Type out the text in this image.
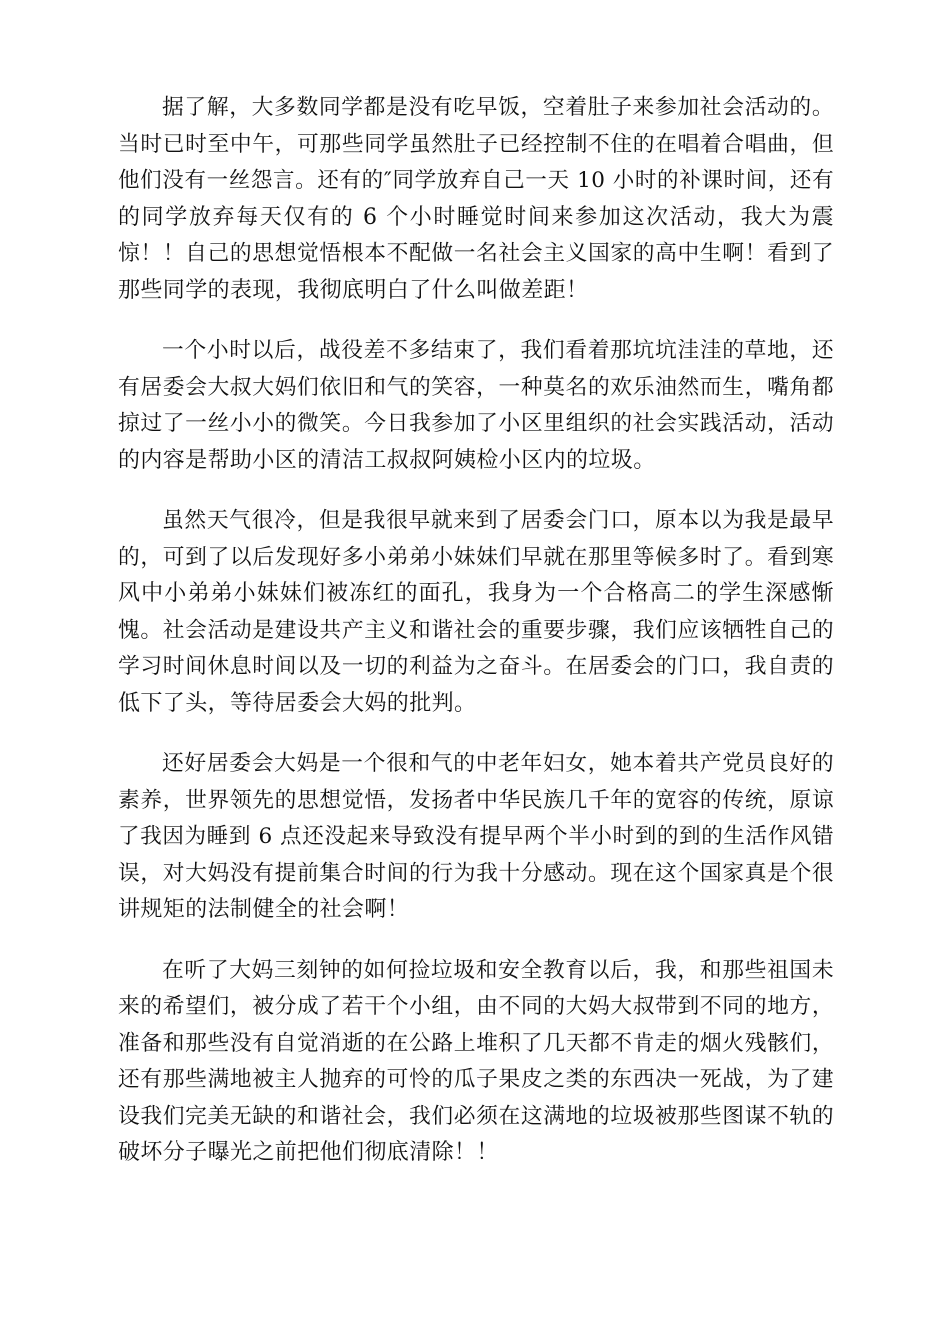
据了解，大多数同学都是没有吃早饭，空着肚子来参加社会活动的。
当时已时至中午，可那些同学虽然肚子已经控制不住的在唱着合唱曲，但
他们没有一丝怨言。还有的″同学放弃自己一天 10 小时的补课时间，还有
的同学放弃每天仅有的 6 个小时睡觉时间来参加这次活动，我大为震
惊！！自己的思想觉悟根本不配做一名社会主义国家的高中生啊！看到了
那些同学的表现，我彻底明白了什么叫做差距！

一个小时以后，战役差不多结束了，我们看着那坑坑洼洼的草地，还
有居委会大叔大妈们依旧和气的笑容，一种莫名的欢乐油然而生，嘴角都
掠过了一丝小小的微笑。今日我参加了小区里组织的社会实践活动，活动
的内容是帮助小区的清洁工叔叔阿姨检小区内的垃圾。

虽然天气很冷，但是我很早就来到了居委会门口，原本以为我是最早
的，可到了以后发现好多小弟弟小妹妹们早就在那里等候多时了。看到寒
风中小弟弟小妹妹们被冻红的面孔，我身为一个合格高二的学生深感惭
愧。社会活动是建设共产主义和谐社会的重要步骤，我们应该牺牲自己的
学习时间休息时间以及一切的利益为之奋斗。在居委会的门口，我自责的
低下了头，等待居委会大妈的批判。

还好居委会大妈是一个很和气的中老年妇女，她本着共产党员良好的
素养，世界领先的思想觉悟，发扬者中华民族几千年的宽容的传统，原谅
了我因为睡到 6 点还没起来导致没有提早两个半小时到的到的生活作风错
误，对大妈没有提前集合时间的行为我十分感动。现在这个国家真是个很
讲规矩的法制健全的社会啊！

在听了大妈三刻钟的如何捡垃圾和安全教育以后，我，和那些祖国未
来的希望们，被分成了若干个小组，由不同的大妈大叔带到不同的地方，
准备和那些没有自觉消逝的在公路上堆积了几天都不肯走的烟火残骸们，
还有那些满地被主人抛弃的可怜的瓜子果皮之类的东西决一死战，为了建
设我们完美无缺的和谐社会，我们必须在这满地的垃圾被那些图谋不轨的
破坏分子曝光之前把他们彻底清除！！
